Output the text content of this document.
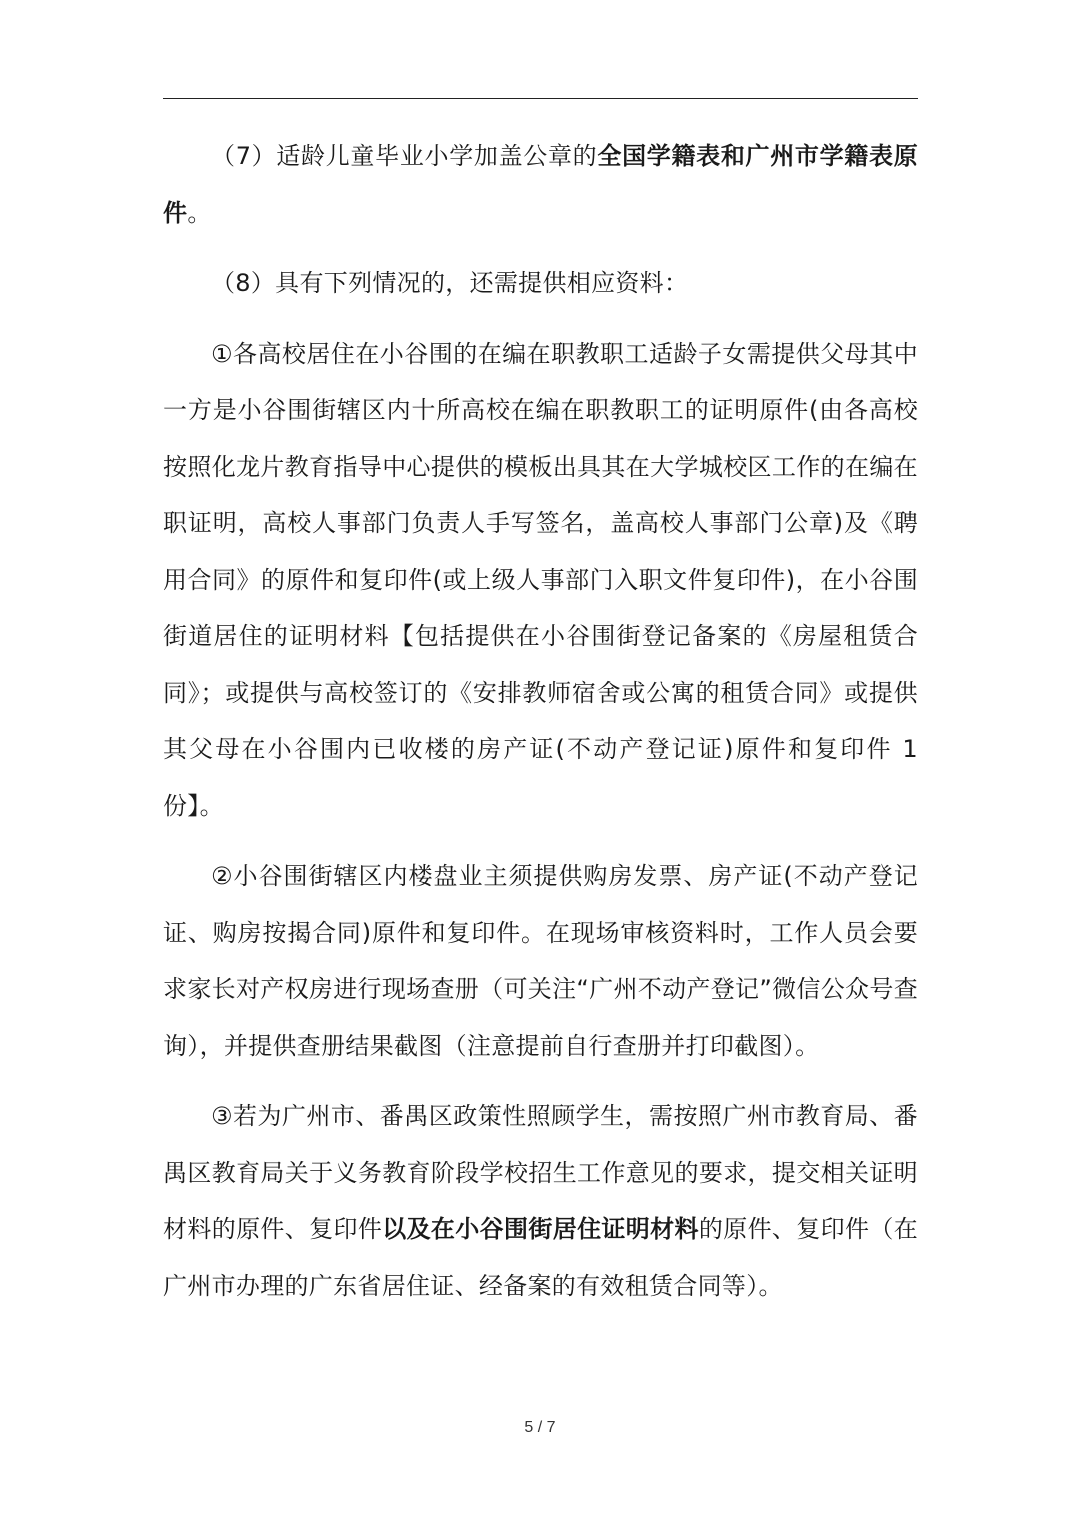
（7）适龄儿童毕业小学加盖公章的全国学籍表和广州市学籍表原件。

（8）具有下列情况的，还需提供相应资料：

①各高校居住在小谷围的在编在职教职工适龄子女需提供父母其中一方是小谷围街辖区内十所高校在编在职教职工的证明原件(由各高校按照化龙片教育指导中心提供的模板出具其在大学城校区工作的在编在职证明，高校人事部门负责人手写签名，盖高校人事部门公章)及《聘用合同》的原件和复印件(或上级人事部门入职文件复印件)，在小谷围街道居住的证明材料【包括提供在小谷围街登记备案的《房屋租赁合同》；或提供与高校签订的《安排教师宿舍或公寓的租赁合同》或提供其父母在小谷围内已收楼的房产证(不动产登记证)原件和复印件 1 份】。

②小谷围街辖区内楼盘业主须提供购房发票、房产证(不动产登记证、购房按揭合同)原件和复印件。在现场审核资料时，工作人员会要求家长对产权房进行现场查册（可关注“广州不动产登记”微信公众号查询），并提供查册结果截图（注意提前自行查册并打印截图）。

③若为广州市、番禺区政策性照顾学生，需按照广州市教育局、番禺区教育局关于义务教育阶段学校招生工作意见的要求，提交相关证明材料的原件、复印件以及在小谷围街居住证明材料的原件、复印件（在广州市办理的广东省居住证、经备案的有效租赁合同等）。

5 / 7
